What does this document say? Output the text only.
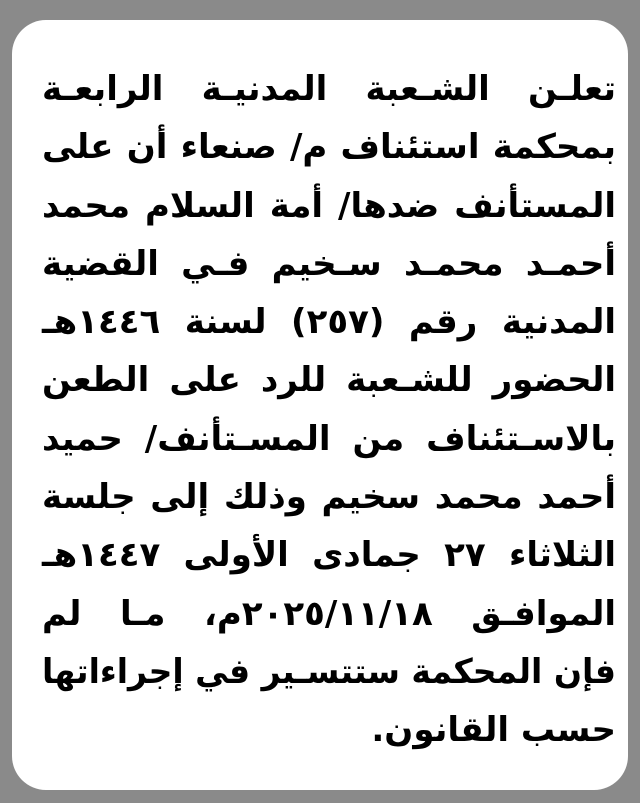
تعلـن الشـعبة المدنيـة الرابعـة
بمحكمة استئناف م/ صنعاء أن على
المستأنف ضدها/ أمة السلام محمد
أحمـد محمـد سـخيم فـي القضية
المدنية رقم (٢٥٧) لسنة ١٤٤٦هـ
الحضور للشـعبة للرد على الطعن
بالاسـتئناف من المسـتأنف/ حميد
أحمد محمد سخيم وذلك إلى جلسة
الثلاثاء ٢٧ جمادى الأولى ١٤٤٧هـ
الموافـق ٢٠٢٥/١١/١٨م، مـا لم
فإن المحكمة ستتسـير في إجراءاتها
حسب القانون.
